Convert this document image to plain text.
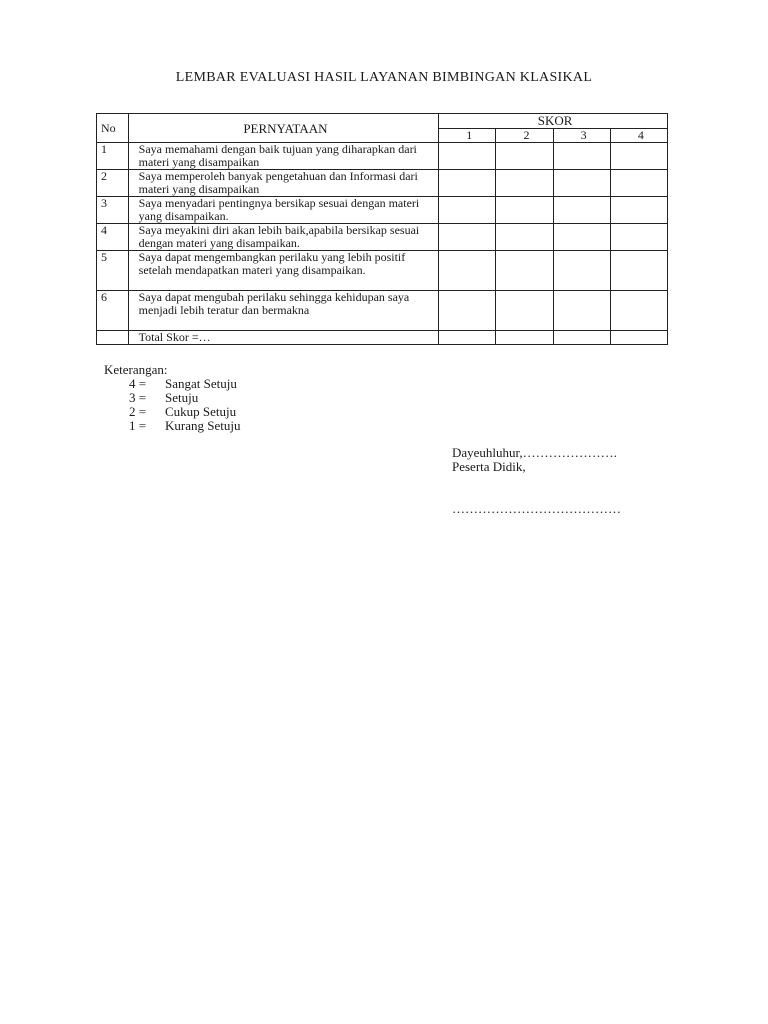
LEMBAR EVALUASI HASIL LAYANAN BIMBINGAN KLASIKAL
No	PERNYATAAN	SKOR			
		1	2	3	4
1	Saya memahami dengan baik tujuan yang diharapkan dari materi yang disampaikan				
2	Saya memperoleh banyak pengetahuan dan Informasi dari materi yang disampaikan				
3	Saya menyadari pentingnya bersikap sesuai dengan materi yang disampaikan.				
4	Saya meyakini diri akan lebih baik,apabila bersikap sesuai dengan materi yang disampaikan.				
5	Saya dapat mengembangkan perilaku yang lebih positif setelah mendapatkan materi yang disampaikan.				
6	Saya dapat mengubah perilaku sehingga kehidupan saya menjadi lebih teratur dan bermakna				
	Total Skor =…				
Keterangan:
4 =	Sangat Setuju
3 =	Setuju
2 =	Cukup Setuju
1 =	Kurang Setuju
Dayeuhluhur,………………….
Peserta Didik,
…………………………………
